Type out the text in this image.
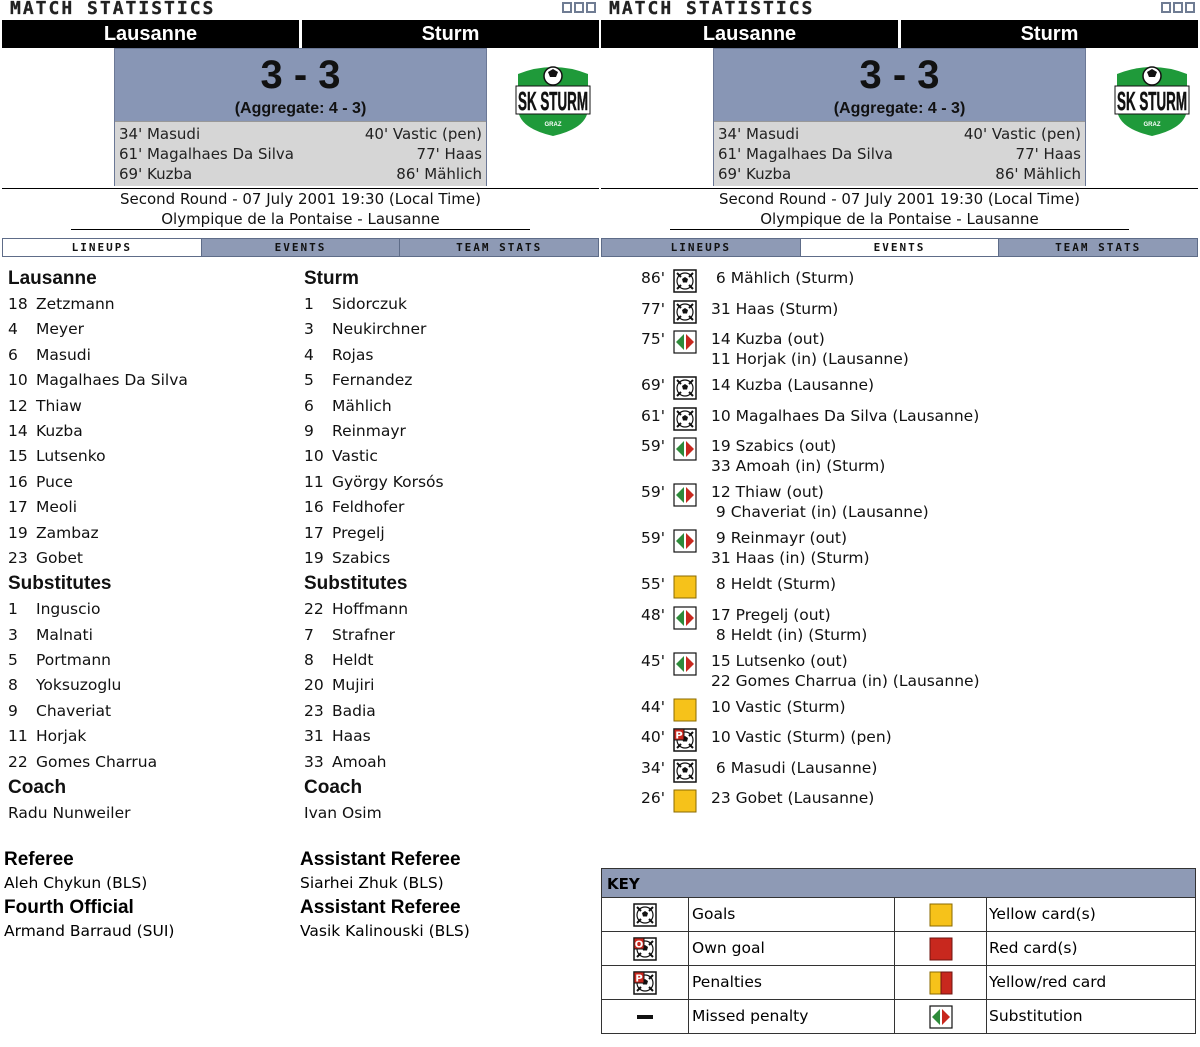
MATCH STATISTICS
Lausanne	Sturm
3 - 3
(Aggregate: 4 - 3)
34' Masudi
61' Magalhaes Da Silva
69' Kuzba
40' Vastic (pen)
77' Haas
86' Mählich
SK STURM
GRAZ
Second Round - 07 July 2001 19:30 (Local Time)
Olympique de la Pontaise - Lausanne
LINEUPS	EVENTS	TEAM STATS
Lausanne
18 Zetzmann
4 Meyer
6 Masudi
10 Magalhaes Da Silva
12 Thiaw
14 Kuzba
15 Lutsenko
16 Puce
17 Meoli
19 Zambaz
23 Gobet
Substitutes
1 Inguscio
3 Malnati
5 Portmann
8 Yoksuzoglu
9 Chaveriat
11 Horjak
22 Gomes Charrua
Coach
Radu Nunweiler
Sturm
1 Sidorczuk
3 Neukirchner
4 Rojas
5 Fernandez
6 Mählich
9 Reinmayr
10 Vastic
11 György Korsós
16 Feldhofer
17 Pregelj
19 Szabics
Substitutes
22 Hoffmann
7 Strafner
8 Heldt
20 Mujiri
23 Badia
31 Haas
33 Amoah
Coach
Ivan Osim
Referee
Aleh Chykun (BLS)
Fourth Official
Armand Barraud (SUI)
Assistant Referee
Siarhei Zhuk (BLS)
Assistant Referee
Vasik Kalinouski (BLS)
MATCH STATISTICS
Lausanne	Sturm
3 - 3
(Aggregate: 4 - 3)
34' Masudi
61' Magalhaes Da Silva
69' Kuzba
40' Vastic (pen)
77' Haas
86' Mählich
SK STURM
GRAZ
Second Round - 07 July 2001 19:30 (Local Time)
Olympique de la Pontaise - Lausanne
LINEUPS	EVENTS	TEAM STATS
86'	6 Mählich (Sturm)
77'	31 Haas (Sturm)
75'	14 Kuzba (out)
11 Horjak (in) (Lausanne)
69'	14 Kuzba (Lausanne)
61'	10 Magalhaes Da Silva (Lausanne)
59'	19 Szabics (out)
33 Amoah (in) (Sturm)
59'	12 Thiaw (out)
9 Chaveriat (in) (Lausanne)
59'	9 Reinmayr (out)
31 Haas (in) (Sturm)
55'	8 Heldt (Sturm)
48'	17 Pregelj (out)
8 Heldt (in) (Sturm)
45'	15 Lutsenko (out)
22 Gomes Charrua (in) (Lausanne)
44'	10 Vastic (Sturm)
40' P 10 Vastic (Sturm) (pen)
34'	6 Masudi (Lausanne)
26'	23 Gobet (Lausanne)
KEY
Goals	Yellow card(s)
O	Own goal	Red card(s)
P	Penalties	Yellow/red card
Missed penalty	Substitution
